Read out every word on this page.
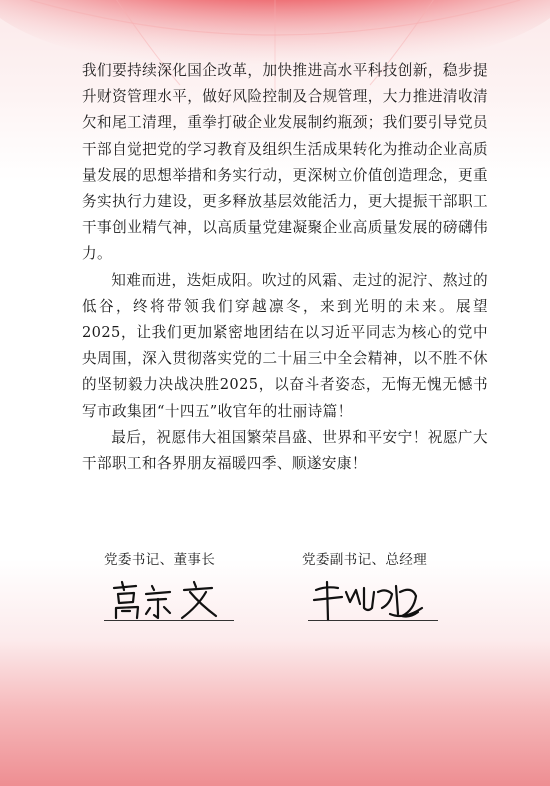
我们要持续深化国企改革，加快推进高水平科技创新，稳步提升财资管理水平，做好风险控制及合规管理，大力推进清收清欠和尾工清理，重拳打破企业发展制约瓶颈；我们要引导党员干部自觉把党的学习教育及组织生活成果转化为推动企业高质量发展的思想举措和务实行动，更深树立价值创造理念，更重务实执行力建设，更多释放基层效能活力，更大提振干部职工干事创业精气神，以高质量党建凝聚企业高质量发展的磅礴伟力。

知难而进，迭炬成阳。吹过的风霜、走过的泥泞、熬过的低谷，终将带领我们穿越凛冬，来到光明的未来。展望2025，让我们更加紧密地团结在以习近平同志为核心的党中央周围，深入贯彻落实党的二十届三中全会精神，以不胜不休的坚韧毅力决战决胜2025，以奋斗者姿态，无悔无愧无憾书写市政集团“十四五”收官年的壮丽诗篇！

最后，祝愿伟大祖国繁荣昌盛、世界和平安宁！祝愿广大干部职工和各界朋友福暖四季、顺遂安康！

党委书记、董事长	党委副书记、总经理
